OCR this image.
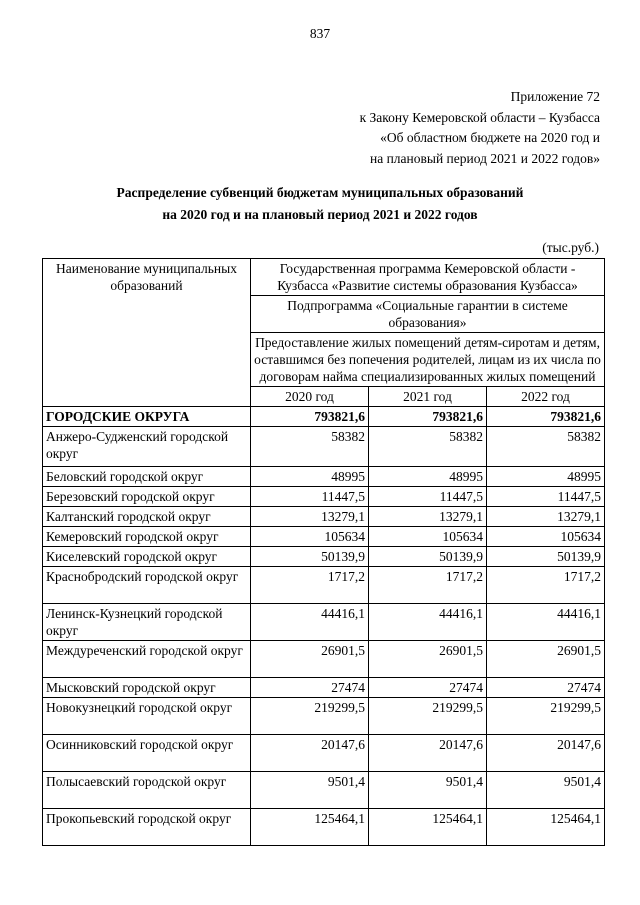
837
Приложение 72
к Закону Кемеровской области – Кузбасса
«Об областном бюджете на 2020 год и
на плановый период 2021 и 2022 годов»
Распределение субвенций бюджетам муниципальных образований
на 2020 год и на плановый период 2021 и 2022 годов
(тыс.руб.)
Наименование муниципальных образований	Государственная программа Кемеровской области - Кузбасса «Развитие системы образования Кузбасса»		
	Подпрограмма «Социальные гарантии в системе образования»		
	Предоставление жилых помещений детям-сиротам и детям, оставшимся без попечения родителей, лицам из их числа по договорам найма специализированных жилых помещений		
	2020 год	2021 год	2022 год
ГОРОДСКИЕ ОКРУГА	793821,6	793821,6	793821,6
Анжеро-Судженский городской округ	58382	58382	58382
Беловский городской округ	48995	48995	48995
Березовский городской округ	11447,5	11447,5	11447,5
Калтанский городской округ	13279,1	13279,1	13279,1
Кемеровский городской округ	105634	105634	105634
Киселевский городской округ	50139,9	50139,9	50139,9
Краснобродский городской округ	1717,2	1717,2	1717,2
Ленинск-Кузнецкий городской округ	44416,1	44416,1	44416,1
Междуреченский городской округ	26901,5	26901,5	26901,5
Мысковский городской округ	27474	27474	27474
Новокузнецкий городской округ	219299,5	219299,5	219299,5
Осинниковский городской округ	20147,6	20147,6	20147,6
Полысаевский городской округ	9501,4	9501,4	9501,4
Прокопьевский городской округ	125464,1	125464,1	125464,1
